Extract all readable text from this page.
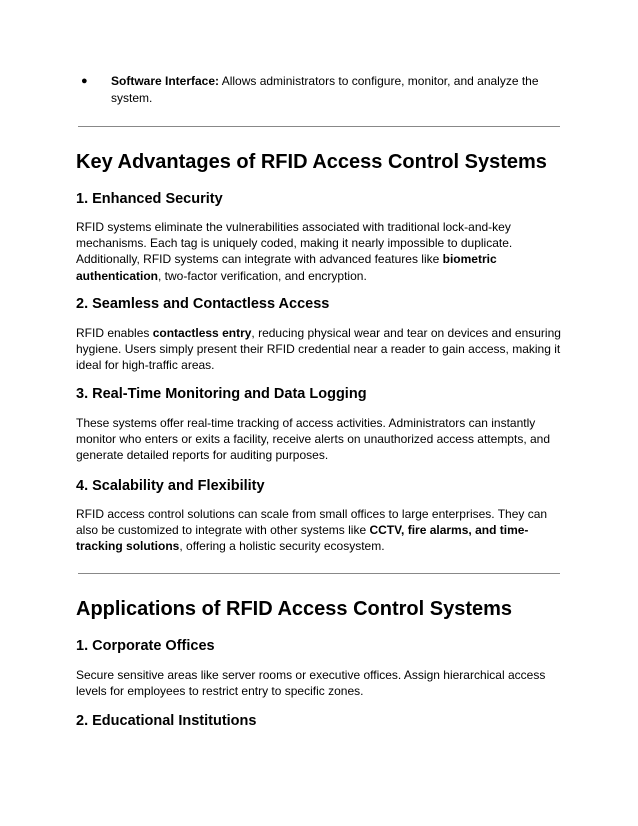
● Software Interface: Allows administrators to configure, monitor, and analyze the system.
Key Advantages of RFID Access Control Systems
1. Enhanced Security

RFID systems eliminate the vulnerabilities associated with traditional lock-and-key mechanisms. Each tag is uniquely coded, making it nearly impossible to duplicate. Additionally, RFID systems can integrate with advanced features like biometric authentication, two-factor verification, and encryption.

2. Seamless and Contactless Access

RFID enables contactless entry, reducing physical wear and tear on devices and ensuring hygiene. Users simply present their RFID credential near a reader to gain access, making it ideal for high-traffic areas.

3. Real-Time Monitoring and Data Logging

These systems offer real-time tracking of access activities. Administrators can instantly monitor who enters or exits a facility, receive alerts on unauthorized access attempts, and generate detailed reports for auditing purposes.

4. Scalability and Flexibility

RFID access control solutions can scale from small offices to large enterprises. They can also be customized to integrate with other systems like CCTV, fire alarms, and time-tracking solutions, offering a holistic security ecosystem.

Applications of RFID Access Control Systems
1. Corporate Offices

Secure sensitive areas like server rooms or executive offices. Assign hierarchical access levels for employees to restrict entry to specific zones.

2. Educational Institutions
